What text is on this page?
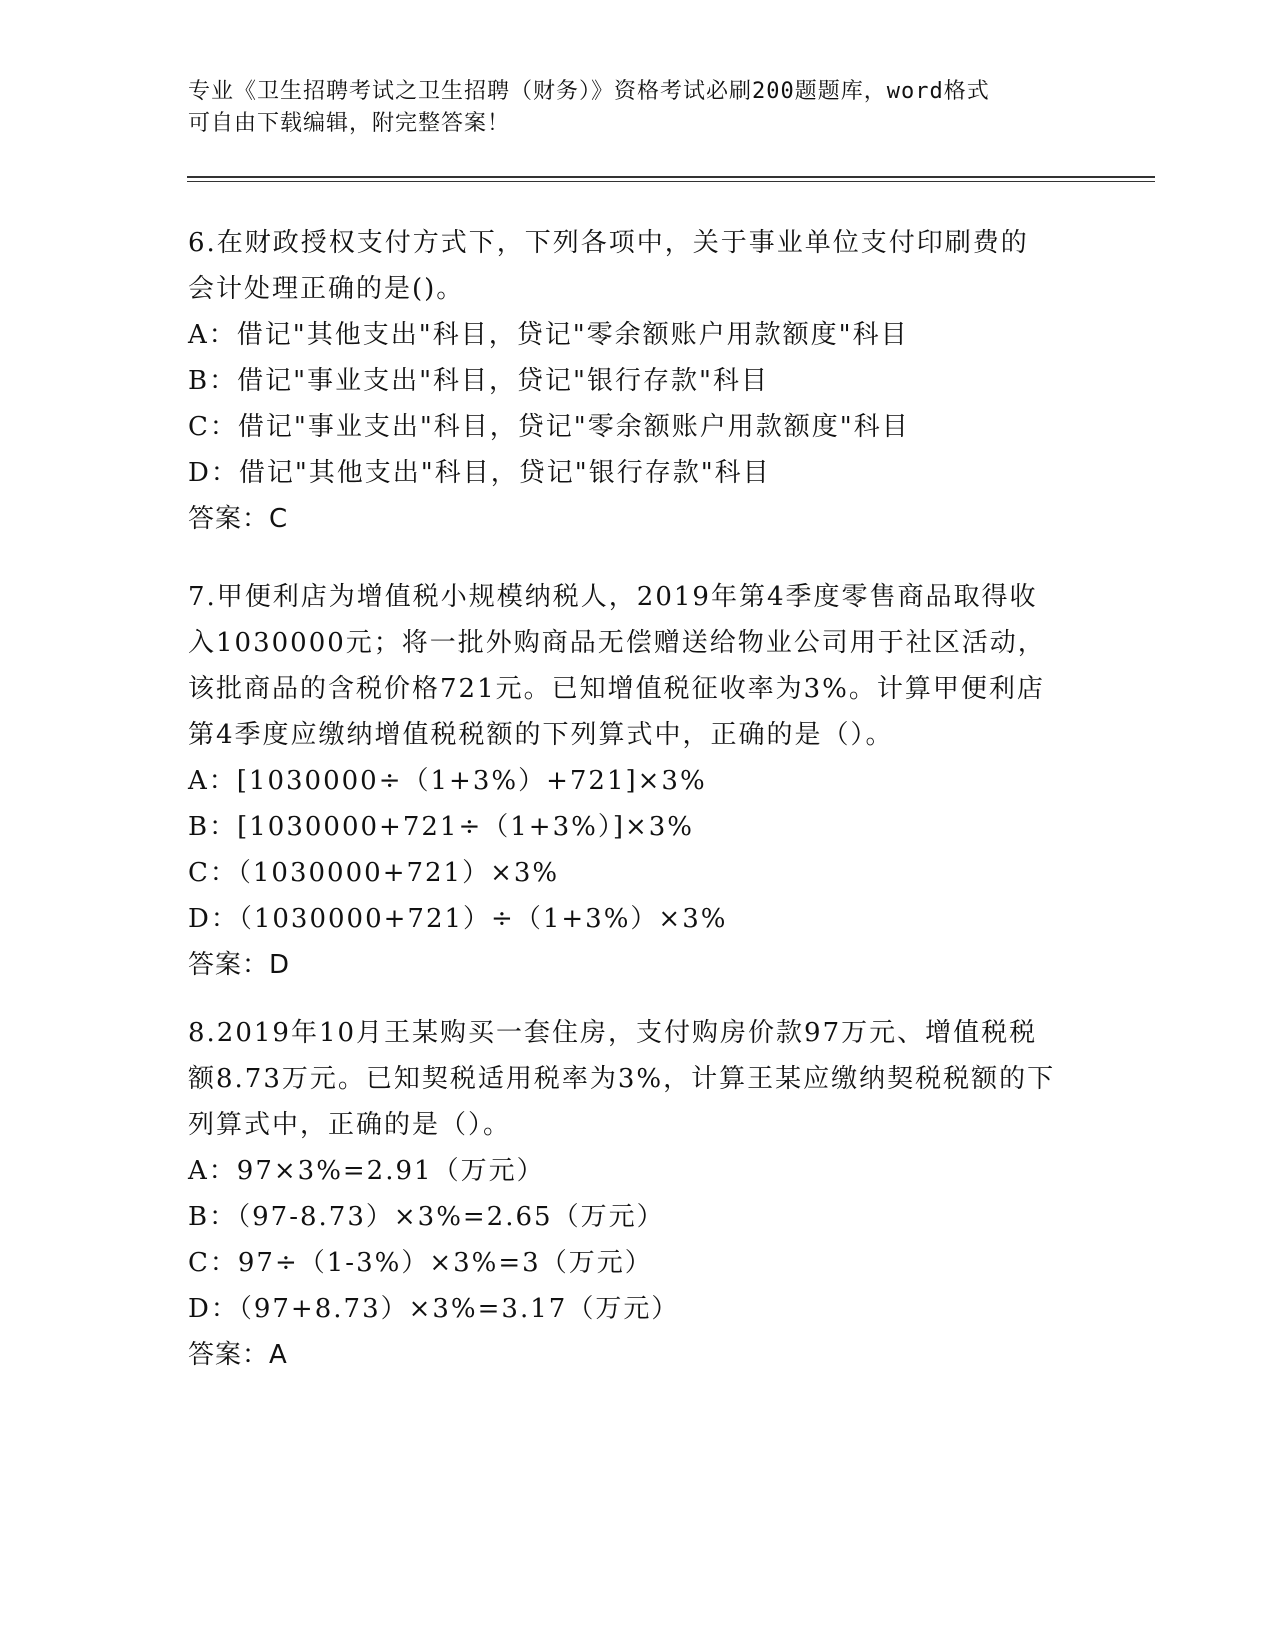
专业《卫生招聘考试之卫生招聘（财务）》资格考试必刷200题题库，word格式
可自由下载编辑，附完整答案！
6.在财政授权支付方式下，下列各项中，关于事业单位支付印刷费的
会计处理正确的是()。
A：借记"其他支出"科目，贷记"零余额账户用款额度"科目
B：借记"事业支出"科目，贷记"银行存款"科目
C：借记"事业支出"科目，贷记"零余额账户用款额度"科目
D：借记"其他支出"科目，贷记"银行存款"科目
答案：C
7.甲便利店为增值税小规模纳税人，2019年第4季度零售商品取得收
入1030000元；将一批外购商品无偿赠送给物业公司用于社区活动，
该批商品的含税价格721元。已知增值税征收率为3%。计算甲便利店
第4季度应缴纳增值税税额的下列算式中，正确的是（）。
A：[1030000÷（1+3%）+721]×3%
B：[1030000+721÷（1+3%）]×3%
C：（1030000+721）×3%
D：（1030000+721）÷（1+3%）×3%
答案：D
8.2019年10月王某购买一套住房，支付购房价款97万元、增值税税
额8.73万元。已知契税适用税率为3%，计算王某应缴纳契税税额的下
列算式中，正确的是（）。
A：97×3%=2.91（万元）
B：（97-8.73）×3%=2.65（万元）
C：97÷（1-3%）×3%=3（万元）
D：（97+8.73）×3%=3.17（万元）
答案：A
